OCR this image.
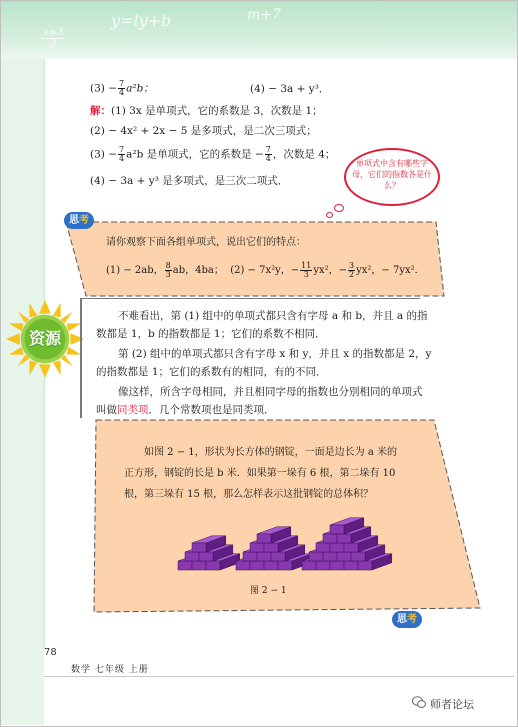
x+3
2
y=ly+b	m+7
$(3) - \frac{7}{4} a^2b$；	(4) − 3a + y³．
解：(1) 3x 是单项式，它的系数是 3，次数是 1；
(2) − 4x² + 2x − 5 是多项式，是二次三项式；
$(3) - \frac{7}{4} a^2b$ 是单项式，它的系数是 − $\frac{7}{4}$ ，次数是 4；
(4) − 3a + y³ 是多项式，是三次二项式．
单项式中含有哪些字母，它们的指数各是什么？
思考
请你观察下面各组单项式，说出它们的特点：
(1) − 2ab， $\frac{8}{3}$ ab，4ba； (2) − 7x²y，− $\frac{11}{3} yx^2$，− $\frac{3}{2} yx^2$，− 7yx²．
资源
不难看出，第 (1) 组中的单项式都只含有字母 a 和 b，并且 a 的指
数都是 1，b 的指数都是 1；它们的系数不相同．
第 (2) 组中的单项式都只含有字母 x 和 y，并且 x 的指数都是 2，y
的指数都是 1；它们的系数有的相同，有的不同．
像这样，所含字母相同，并且相同字母的指数也分别相同的单项式
叫做同类项．几个常数项也是同类项．
如图 2 − 1，形状为长方体的钢锭，一面是边长为 a 米的
正方形，钢锭的长是 b 米．如果第一垛有 6 根，第二垛有 10
根，第三垛有 15 根，那么怎样表示这批钢锭的总体积？
图 2 − 1
思考
78
数学 七年级 上册
师者论坛
